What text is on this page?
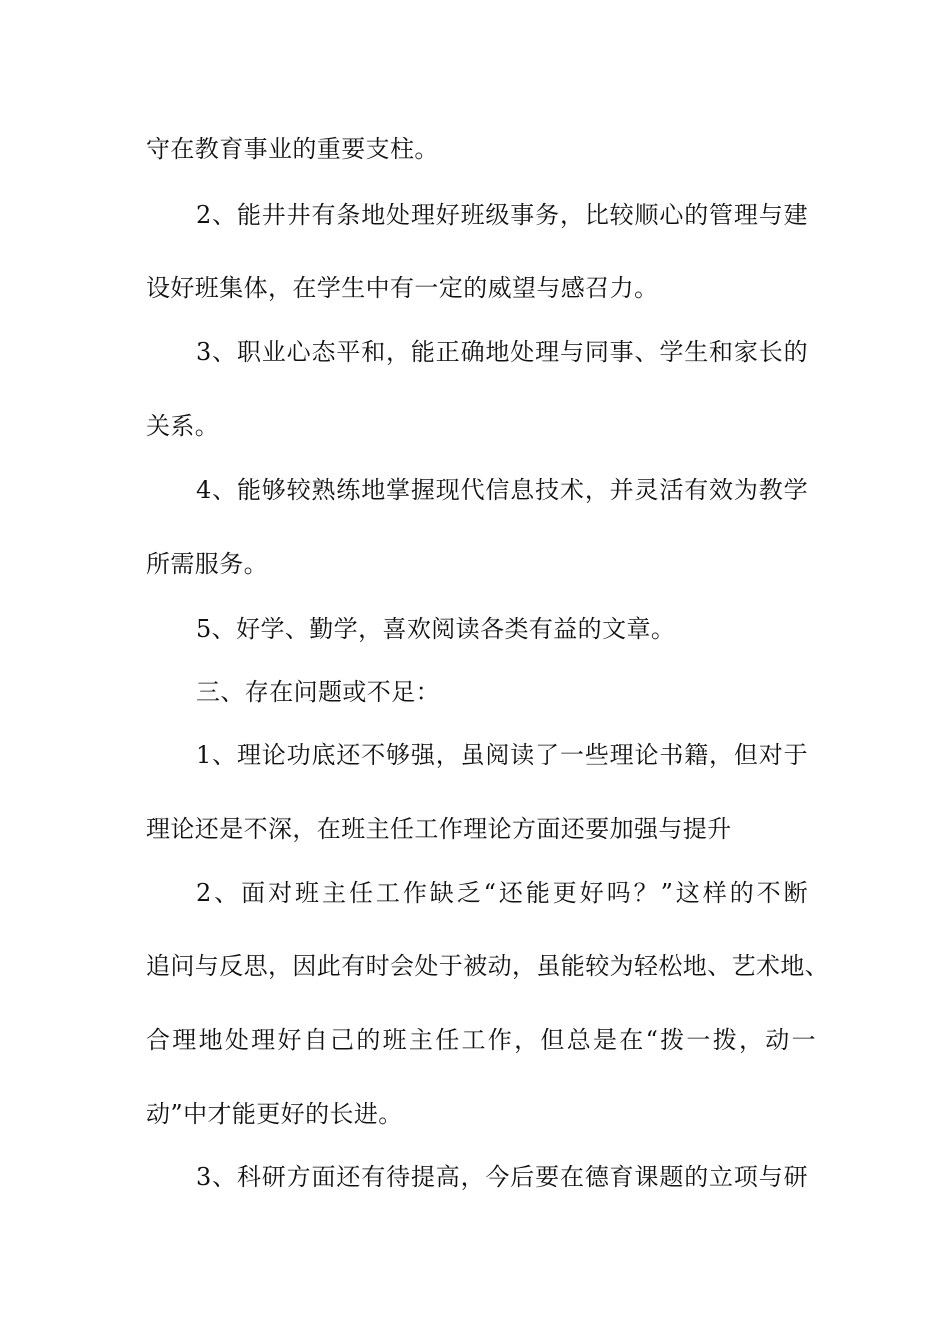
守在教育事业的重要支柱。
2、能井井有条地处理好班级事务，比较顺心的管理与建
设好班集体，在学生中有一定的威望与感召力。
3、职业心态平和，能正确地处理与同事、学生和家长的
关系。
4、能够较熟练地掌握现代信息技术，并灵活有效为教学
所需服务。
5、好学、勤学，喜欢阅读各类有益的文章。
三、存在问题或不足：
1、理论功底还不够强，虽阅读了一些理论书籍，但对于
理论还是不深，在班主任工作理论方面还要加强与提升
2、面对班主任工作缺乏“还能更好吗？”这样的不断
追问与反思，因此有时会处于被动，虽能较为轻松地、艺术地、
合理地处理好自己的班主任工作，但总是在“拨一拨，动一
动”中才能更好的长进。
3、科研方面还有待提高，今后要在德育课题的立项与研
